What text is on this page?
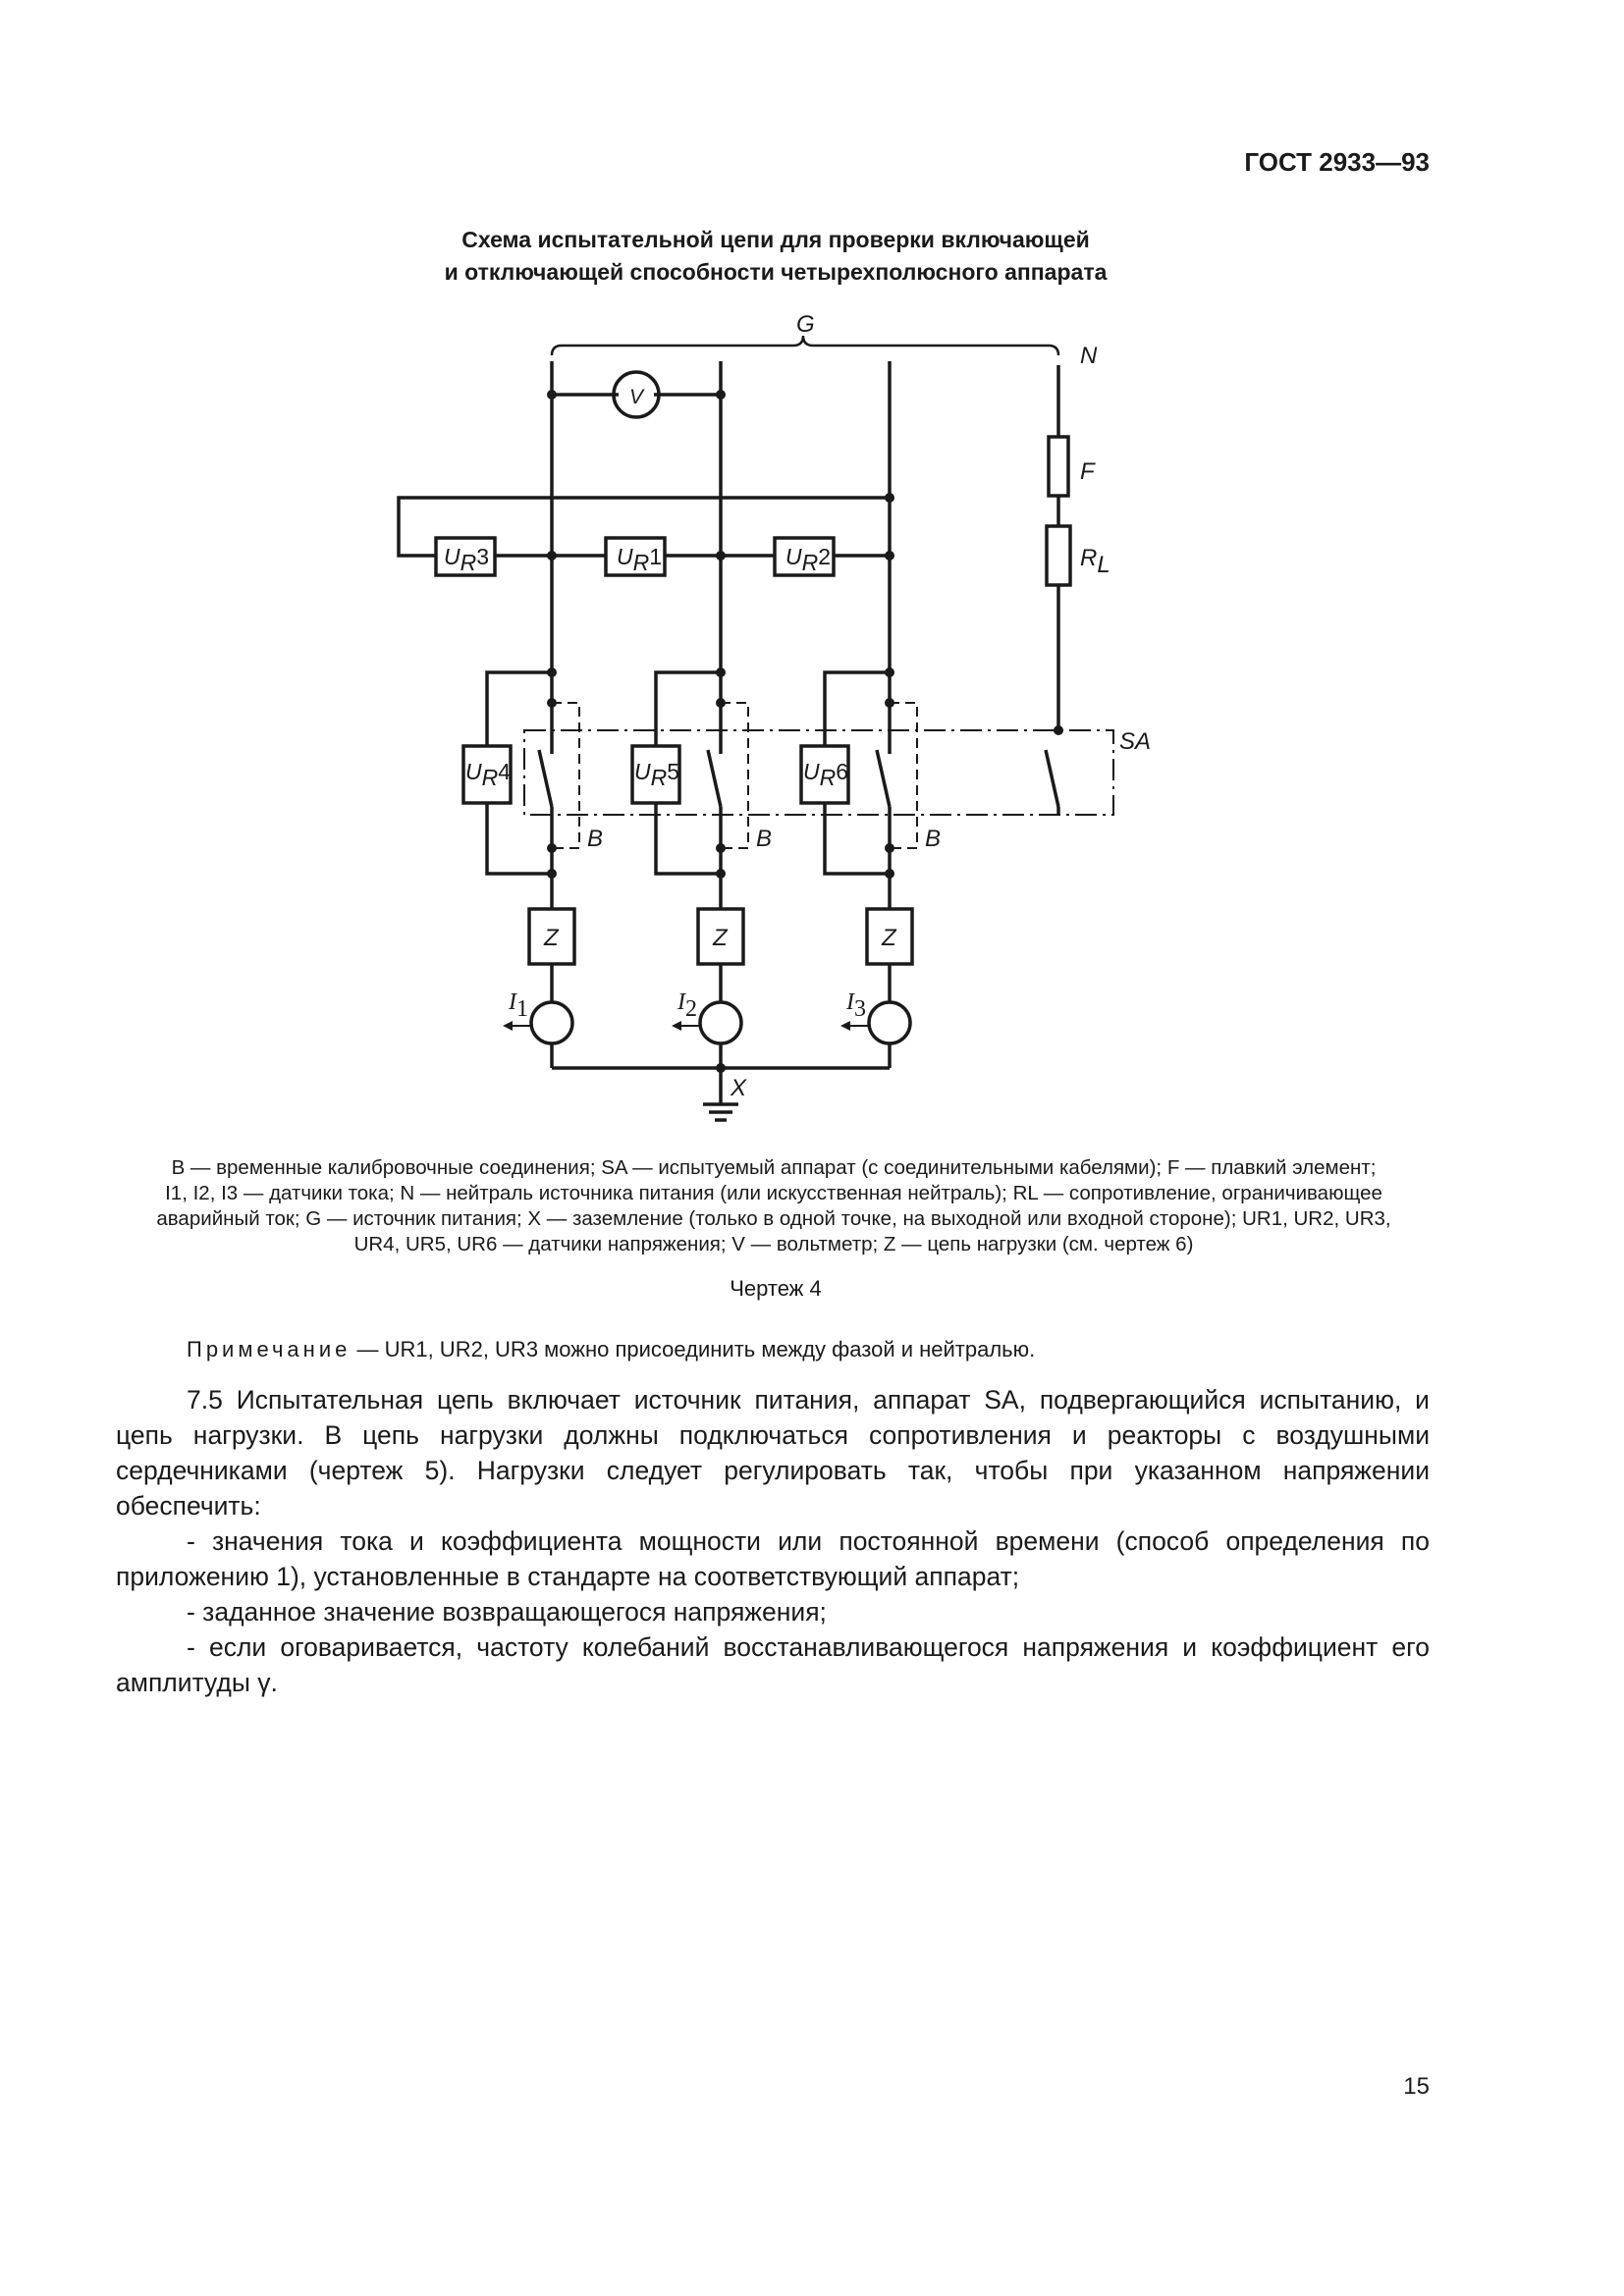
ГОСТ 2933—93
Схема испытательной цепи для проверки включающей
и отключающей способности четырехполюсного аппарата
G
N
V
F
RL
SA
UR3	UR1	UR2
UR4	UR5	UR6
B	B	B
Z	Z	Z
I1	I2	I3
X
B — временные калибровочные соединения; SA — испытуемый аппарат (с соединительными кабелями); F — плавкий элемент;
I1, I2, I3 — датчики тока; N — нейтраль источника питания (или искусственная нейтраль); RL — сопротивление, ограничивающее
аварийный ток; G — источник питания; X — заземление (только в одной точке, на выходной или входной стороне); UR1, UR2, UR3,
UR4, UR5, UR6 — датчики напряжения; V — вольтметр; Z — цепь нагрузки (см. чертеж 6)
Чертеж 4
Примечание — UR1, UR2, UR3 можно присоединить между фазой и нейтралью.

7.5 Испытательная цепь включает источник питания, аппарат SA, подвергающийся испытанию, и цепь нагрузки. В цепь нагрузки должны подключаться сопротивления и реакторы с воздушными сердечниками (чертеж 5). Нагрузки следует регулировать так, чтобы при указанном напряжении обеспечить:

- значения тока и коэффициента мощности или постоянной времени (способ определения по приложению 1), установленные в стандарте на соответствующий аппарат;

- заданное значение возвращающегося напряжения;

- если оговаривается, частоту колебаний восстанавливающегося напряжения и коэффициент его амплитуды γ.

15
